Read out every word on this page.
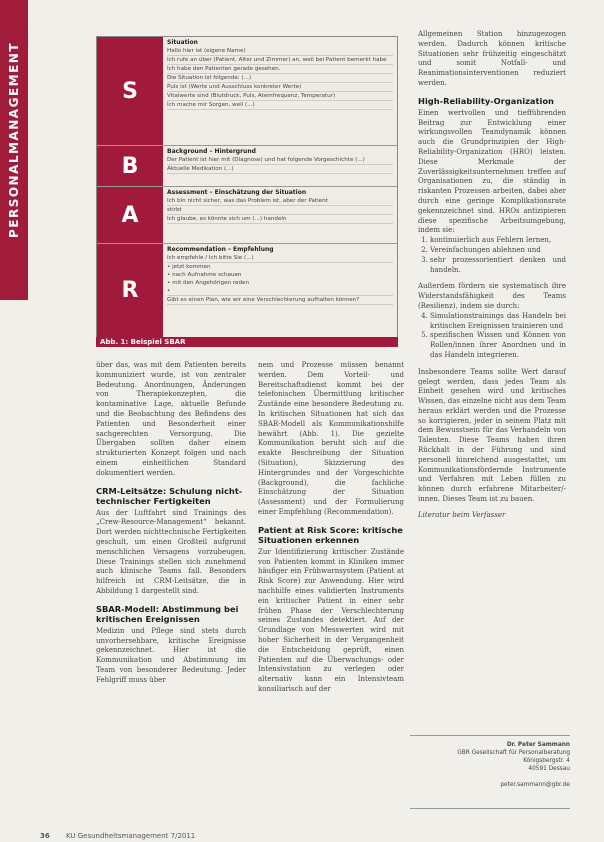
PERSONALMANAGEMENT	S
Situation
Hallo hier ist (eigene Name)
Ich rufe an über (Patient, Alter und Zimmer) an, weil bei Patient bemerkt habe
Ich habe den Patienten gerade gesehen.
Die Situation ist folgende: (...)
Puls ist (Werte und Ausschluss konkreter Werte)
Vitalwerte sind (Blutdruck, Puls, Atemfrequenz, Temperatur)
Ich mache mir Sorgen, weil (...)
B
Background – Hintergrund
Der Patient ist hier mit (Diagnose) und hat folgende Vorgeschichte (...)
Aktuelle Medikation (...)
A
Assessment – Einschätzung der Situation
Ich bin nicht sicher, was das Problem ist, aber der Patient
stirbt
Ich glaube, es könnte sich um (...) handeln
R
Recommendation – Empfehlung
Ich empfehle / Ich bitte Sie (...)
• jetzt kommen
• nach Aufnahme schauen
• mit den Angehörigen reden
•
Gibt es einen Plan, wie wir eine Verschlechterung aufhalten können?
Abb. 1: Beispiel SBAR

über das, was mit dem Patienten bereits kommuniziert wurde, ist von zentraler Bedeutung. Anordnungen, Änderungen von Therapiekonzepten, die kontaminative Lage, aktuelle Befunde und die Beobachtung des Befindens des Patienten und Besonderheit einer sachgerechten Versorgung. Die Übergaben sollten daher einem strukturierten Konzept folgen und nach einem einheitlichen Standard dokumentiert werden.

CRM-Leitsätze: Schulung nicht-technischer Fertigkeiten

Aus der Luftfahrt sind Trainings des „Crew-Resource-Management“ bekannt. Dort werden nichttechnische Fertigkeiten geschult, um einen Großteil aufgrund menschlichen Versagens vorzubeugen. Diese Trainings stellen sich zunehmend auch klinische Teams fall. Besonders hilfreich ist CRM-Leitsätze, die in Abbildung 1 dargestellt sind.

SBAR-Modell: Abstimmung bei kritischen Ereignissen

Medizin und Pflege sind stets durch unvorhersehbare, kritische Ereignisse gekennzeichnet. Hier ist die Kommunikation und Abstimmung im Team von besonderer Bedeutung. Jeder Fehlgriff muss über

nem und Prozesse müssen benannt werden. Dem Vorteil- und Bereitschaftsdienst kommt bei der telefonischen Übermittlung kritischer Zustände eine besondere Bedeutung zu. In kritischen Situationen hat sich das SBAR-Modell als Kommunikationshilfe bewährt (Abb. 1). Die gezielte Kommunikation beruht sich auf die exakte Beschreibung der Situation (Situation), Skizzierung des Hintergrundes und der Vorgeschichte (Background), die fachliche Einschätzung der Situation (Assessment) und der Formulierung einer Empfehlung (Recommendation).

Patient at Risk Score: kritische Situationen erkennen

Zur Identifizierung kritischer Zustände von Patienten kommt in Kliniken immer häufiger ein Frühwarnsystem (Patient at Risk Score) zur Anwendung. Hier wird nachhilfe eines validierten Instruments ein kritischer Patient in einer sehr frühen Phase der Verschlechterung seines Zustandes detektiert. Auf der Grundlage von Messwerten wird mit hoher Sicherheit in der Vergangenheit die Entscheidung geprüft, einen Patienten auf die Überwachungs- oder Intensivstation zu verlegen oder alternativ kann ein Intensivteam konsiliarisch auf der

Allgemeinen Station hinzugezogen werden. Dadurch können kritische Situationen sehr frühzeitig eingeschätzt und somit Notfall- und Reanimationsinterventionen reduziert werden.

High-Reliability-Organization

Einen wertvollen und tiefführenden Beitrag zur Entwicklung einer wirkungsvollen Teamdynamik können auch die Grundprinzipien der High-Reliability-Organization (HRO) leisten. Diese Merkmale der Zuverlässigkeitsunternehmen treffen auf Organisationen zu, die ständig in riskanten Prozessen arbeiten, dabei aber durch eine geringe Komplikationsrate gekennzeichnet sind. HROs antizipieren diese spezifische Arbeitsumgebung, indem sie:

1. kontinuierlich aus Fehlern lernen,
2. Vereinfachungen ablehnen und
3. sehr prozessorientiert denken und handeln.

Außerdem fördern sie systematisch ihre Widerstandsfähigkeit des Teams (Resilienz), indem sie durch:

4. Simulationstrainings das Handeln bei kritischen Ereignissen trainieren und
5. spezifischen Wissen und Können von Rollen/innen ihrer Anordnen und in das Handeln integrieren.

Insbesondere Teams sollte Wert darauf gelegt werden, dass jedes Team als Einheit gesehen wird und kritisches Wissen, das einzelne nicht aus dem Team heraus erklärt werden und die Prozesse so korrigieren, jeder in seinem Platz mit dem Bewusstsein für das Verhandeln von Talenten. Diese Teams haben ihren Rückhalt in der Führung und sind personell hinreichend ausgestattet, um Kommunikationsfördernde Instrumente und Verfahren mit Leben füllen zu können durch erfahrene Mitarbeiter/-innen. Dieses Team ist zu bauen.

Literatur beim Verfasser
Dr. Peter Sammann
GBR Gesellschaft für Personalberatung
Königsbergstr. 4
40591 Dessau
peter.sammann@gbr.de
36 KU Gesundheitsmanagement 7/2011
